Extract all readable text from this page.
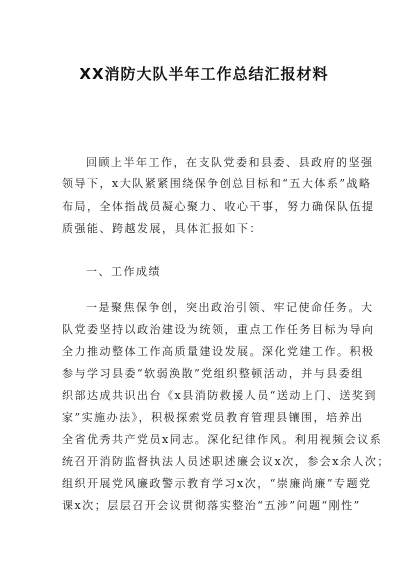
XX消防大队半年工作总结汇报材料
回顾上半年工作，在支队党委和县委、县政府的坚强
领导下，x大队紧紧围绕保争创总目标和“五大体系”战略
布局，全体指战员凝心聚力、收心干事，努力确保队伍提
质强能、跨越发展，具体汇报如下：
一、工作成绩
一是聚焦保争创，突出政治引领、牢记使命任务。大
队党委坚持以政治建设为统领，重点工作任务目标为导向
全力推动整体工作高质量建设发展。深化党建工作。积极
参与学习县委“软弱涣散”党组织整顿活动，并与县委组
织部达成共识出台《x县消防救援人员“送动上门、送奖到
家”实施办法》，积极探索党员教育管理县镶围，培养出
全省优秀共产党员x同志。深化纪律作风。利用视频会议系
统召开消防监督执法人员述职述廉会议x次，参会x余人次；
组织开展党风廉政警示教育学习x次，“崇廉尚廉”专题党
课x次；层层召开会议贯彻落实整治“五涉”问题“刚性”
